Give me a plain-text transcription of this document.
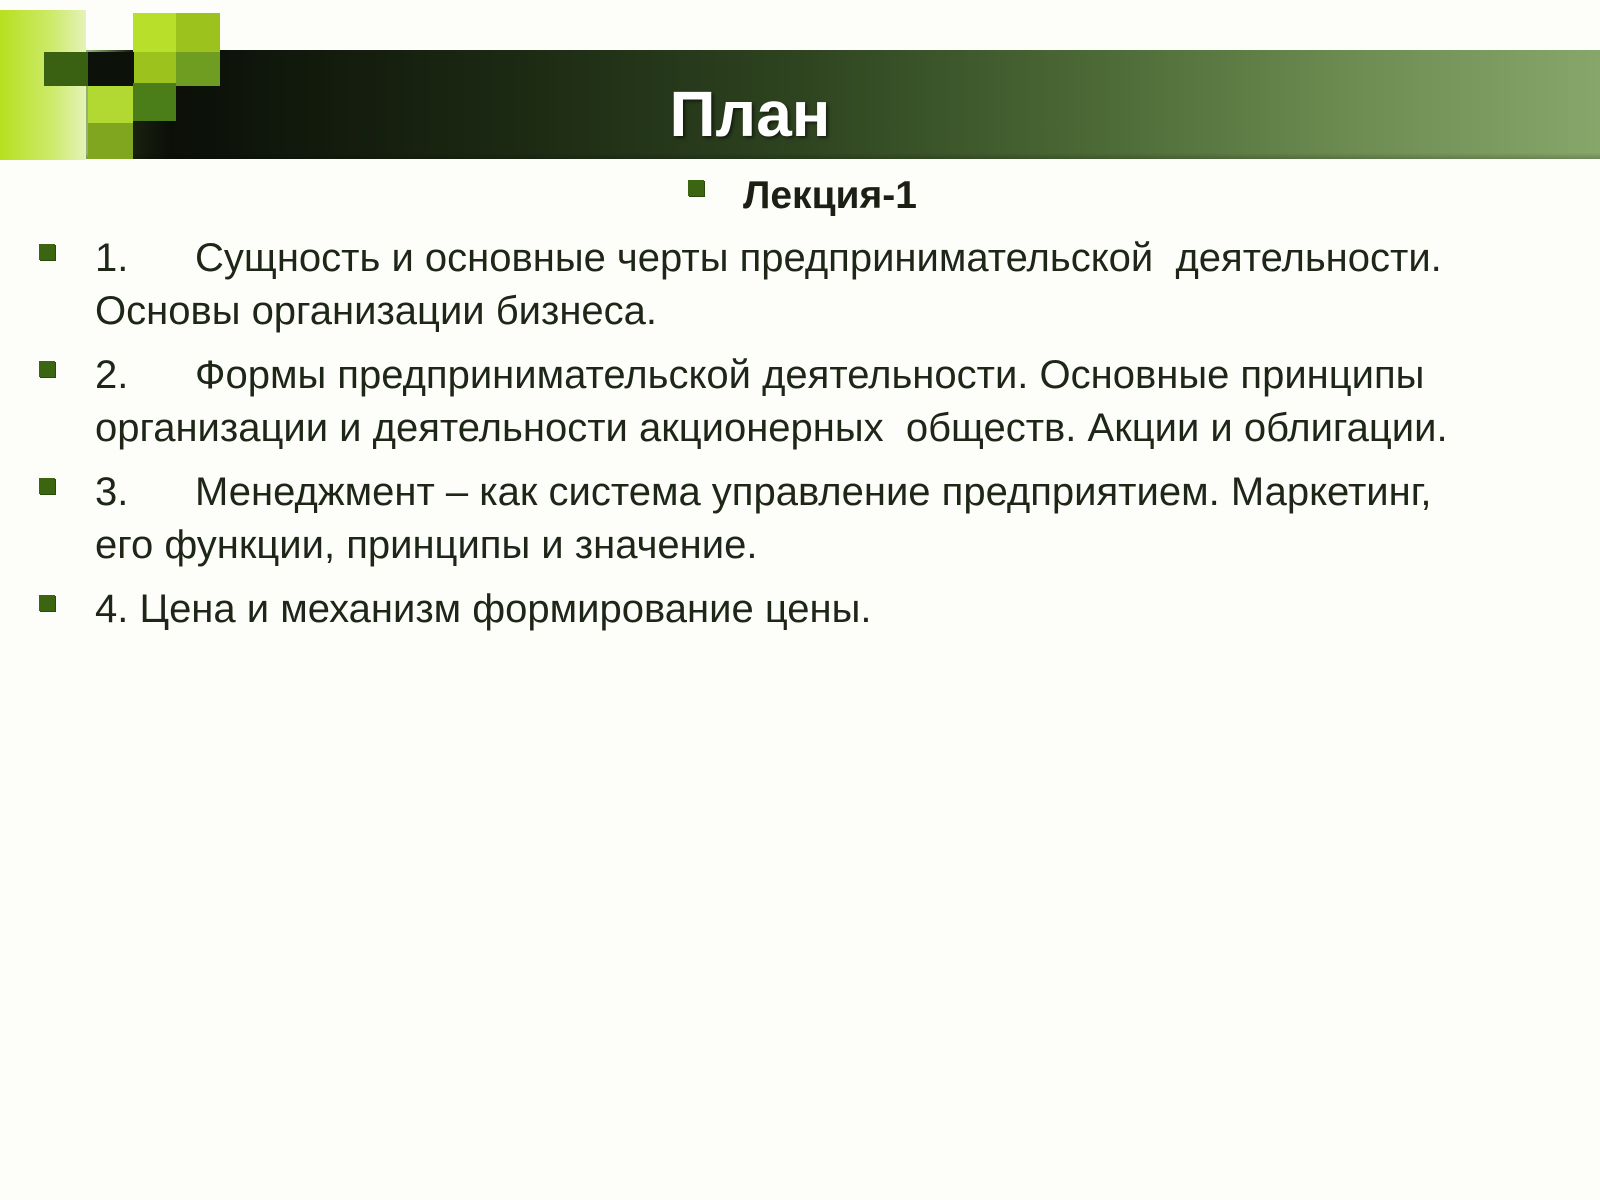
План
Лекция-1
1.      Сущность и основные черты предпринимательской  деятельности.
Основы организации бизнеса.
2.      Формы предпринимательской деятельности. Основные принципы
организации и деятельности акционерных  обществ. Акции и облигации.
3.      Менеджмент – как система управление предприятием. Маркетинг,
его функции, принципы и значение.
4. Цена и механизм формирование цены.
